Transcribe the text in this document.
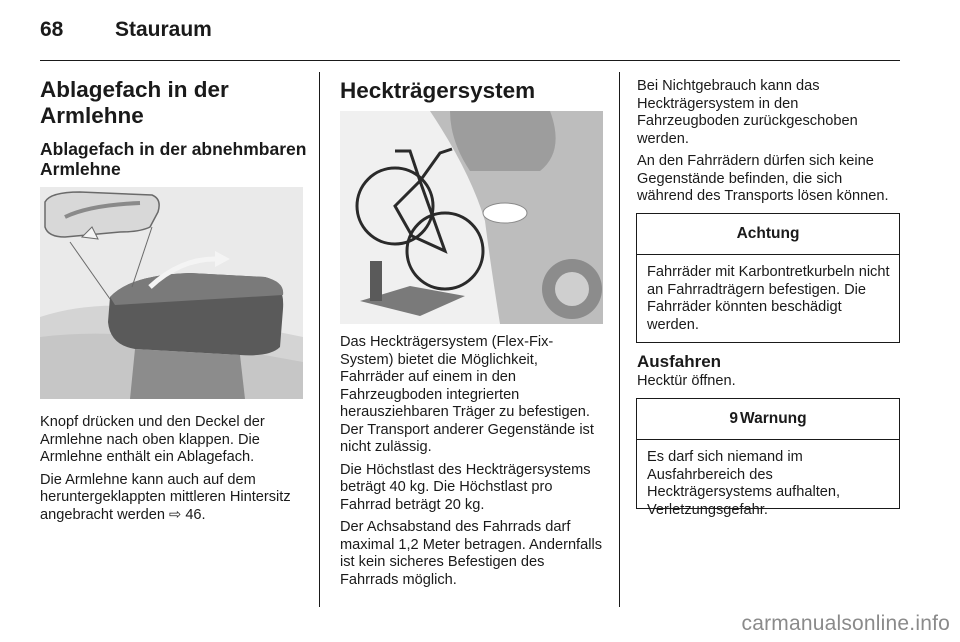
68 Stauraum
Ablagefach in der Armlehne
Ablagefach in der abnehmbaren Armlehne

Knopf drücken und den Deckel der Armlehne nach oben klappen. Die Armlehne enthält ein Ablagefach.

Die Armlehne kann auch auf dem heruntergeklappten mittleren Hintersitz angebracht werden ⇨ 46.

Heckträgersystem

Das Heckträgersystem (Flex-Fix-System) bietet die Möglichkeit, Fahrräder auf einem in den Fahrzeugboden integrierten herausziehbaren Träger zu befestigen. Der Transport anderer Gegenstände ist nicht zulässig.

Die Höchstlast des Heckträgersystems beträgt 40 kg. Die Höchstlast pro Fahrrad beträgt 20 kg.

Der Achsabstand des Fahrrads darf maximal 1,2 Meter betragen. Andernfalls ist kein sicheres Befestigen des Fahrrads möglich.

Bei Nichtgebrauch kann das Heckträgersystem in den Fahrzeugboden zurückgeschoben werden.

An den Fahrrädern dürfen sich keine Gegenstände befinden, die sich während des Transports lösen können.

Achtung
Fahrräder mit Karbontretkurbeln nicht an Fahrradträgern befestigen. Die Fahrräder könnten beschädigt werden.
Ausfahren

Hecktür öffnen.

9 Warnung
Es darf sich niemand im Ausfahrbereich des Heckträgersystems aufhalten, Verletzungsgefahr.
carmanualsonline.info
